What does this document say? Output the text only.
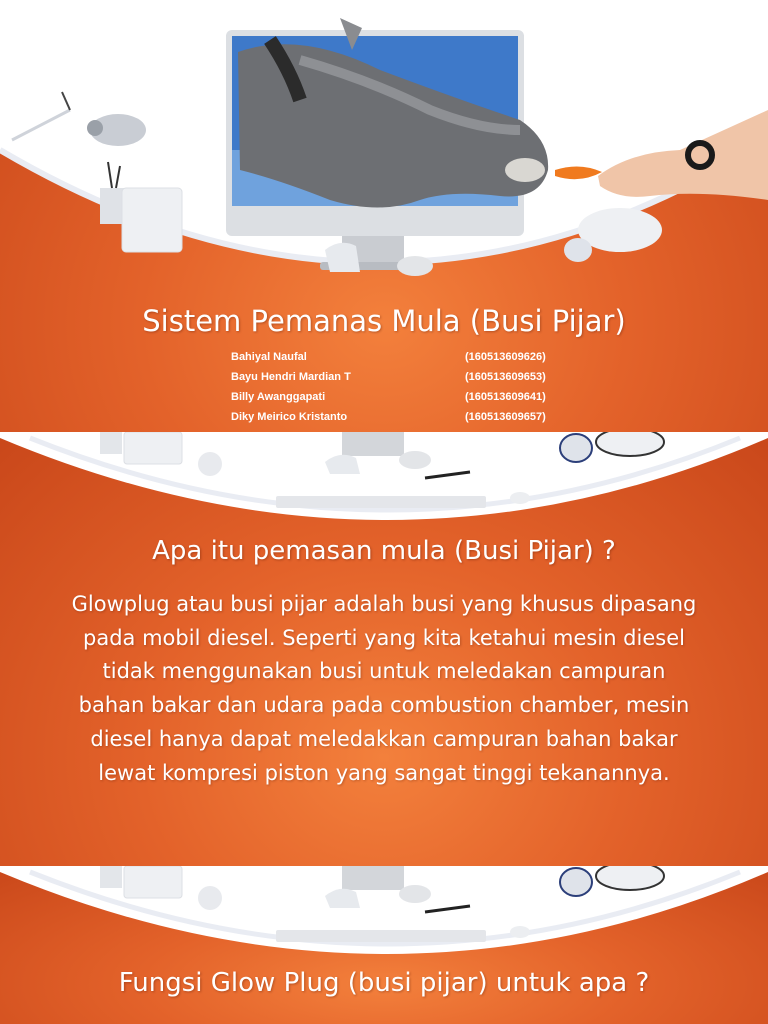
Sistem Pemanas Mula (Busi Pijar)
Bahiyal Naufal	(160513609626)
Bayu Hendri Mardian T	(160513609653)
Billy Awanggapati	(160513609641)
Diky Meirico Kristanto	(160513609657)
Apa itu pemasan mula (Busi Pijar) ?
Glowplug atau busi pijar adalah busi yang khusus dipasang pada mobil diesel. Seperti yang kita ketahui mesin diesel tidak menggunakan busi untuk meledakan campuran bahan bakar dan udara pada combustion chamber, mesin diesel hanya dapat meledakkan campuran bahan bakar lewat kompresi piston yang sangat tinggi tekanannya.
Fungsi Glow Plug (busi pijar) untuk apa ?
